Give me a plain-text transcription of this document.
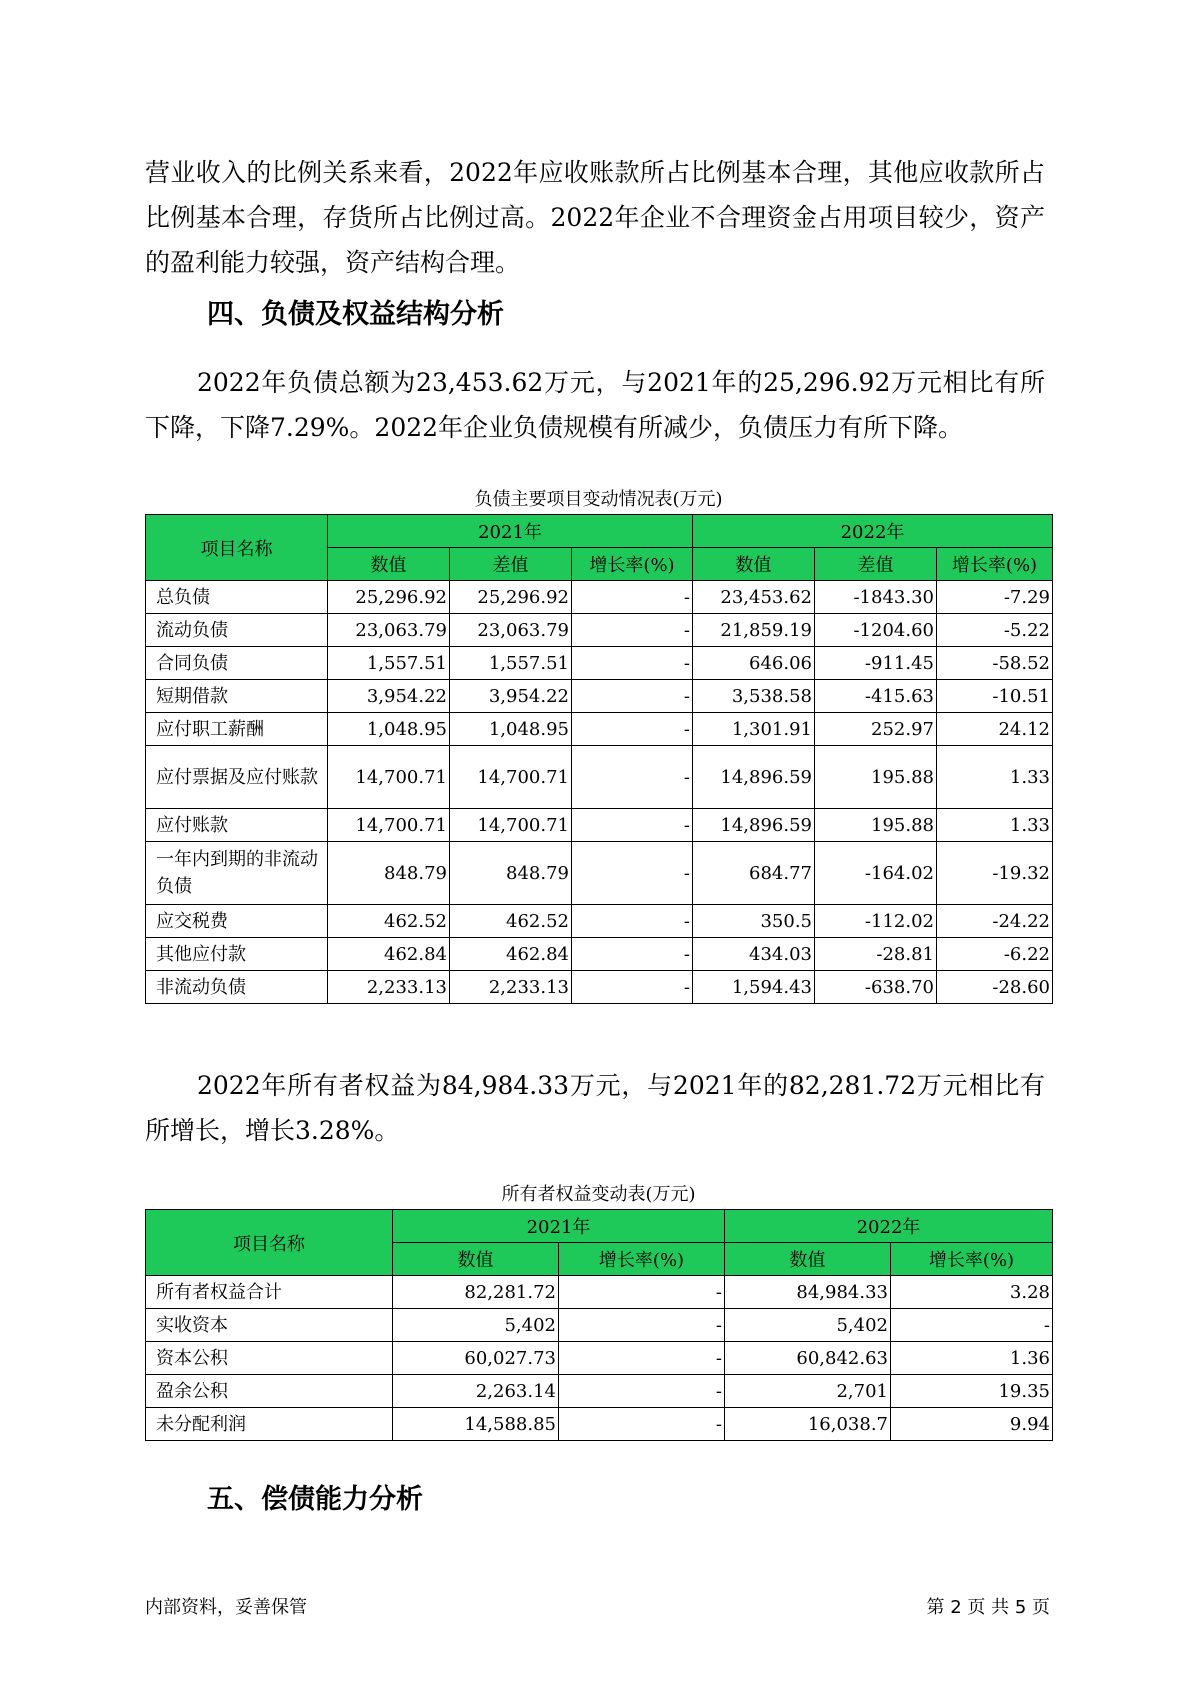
营业收入的比例关系来看，2022年应收账款所占比例基本合理，其他应收款所占比例基本合理，存货所占比例过高。2022年企业不合理资金占用项目较少，资产的盈利能力较强，资产结构合理。

四、负债及权益结构分析

2022年负债总额为23,453.62万元，与2021年的25,296.92万元相比有所下降，下降7.29%。2022年企业负债规模有所减少，负债压力有所下降。

负债主要项目变动情况表(万元)
项目名称	2021年			2022年		
	数值	差值	增长率(%)	数值	差值	增长率(%)
总负债	25,296.92	25,296.92	-	23,453.62	-1843.30	-7.29
流动负债	23,063.79	23,063.79	-	21,859.19	-1204.60	-5.22
合同负债	1,557.51	1,557.51	-	646.06	-911.45	-58.52
短期借款	3,954.22	3,954.22	-	3,538.58	-415.63	-10.51
应付职工薪酬	1,048.95	1,048.95	-	1,301.91	252.97	24.12
应付票据及应付账款	14,700.71	14,700.71	-	14,896.59	195.88	1.33
应付账款	14,700.71	14,700.71	-	14,896.59	195.88	1.33
一年内到期的非流动负债	848.79	848.79	-	684.77	-164.02	-19.32
应交税费	462.52	462.52	-	350.5	-112.02	-24.22
其他应付款	462.84	462.84	-	434.03	-28.81	-6.22
非流动负债	2,233.13	2,233.13	-	1,594.43	-638.70	-28.60

2022年所有者权益为84,984.33万元，与2021年的82,281.72万元相比有所增长，增长3.28%。

所有者权益变动表(万元)
项目名称	2021年		2022年	
	数值	增长率(%)	数值	增长率(%)
所有者权益合计	82,281.72	-	84,984.33	3.28
实收资本	5,402	-	5,402	-
资本公积	60,027.73	-	60,842.63	1.36
盈余公积	2,263.14	-	2,701	19.35
未分配利润	14,588.85	-	16,038.7	9.94
五、偿债能力分析
内部资料，妥善保管	第 2 页 共 5 页
